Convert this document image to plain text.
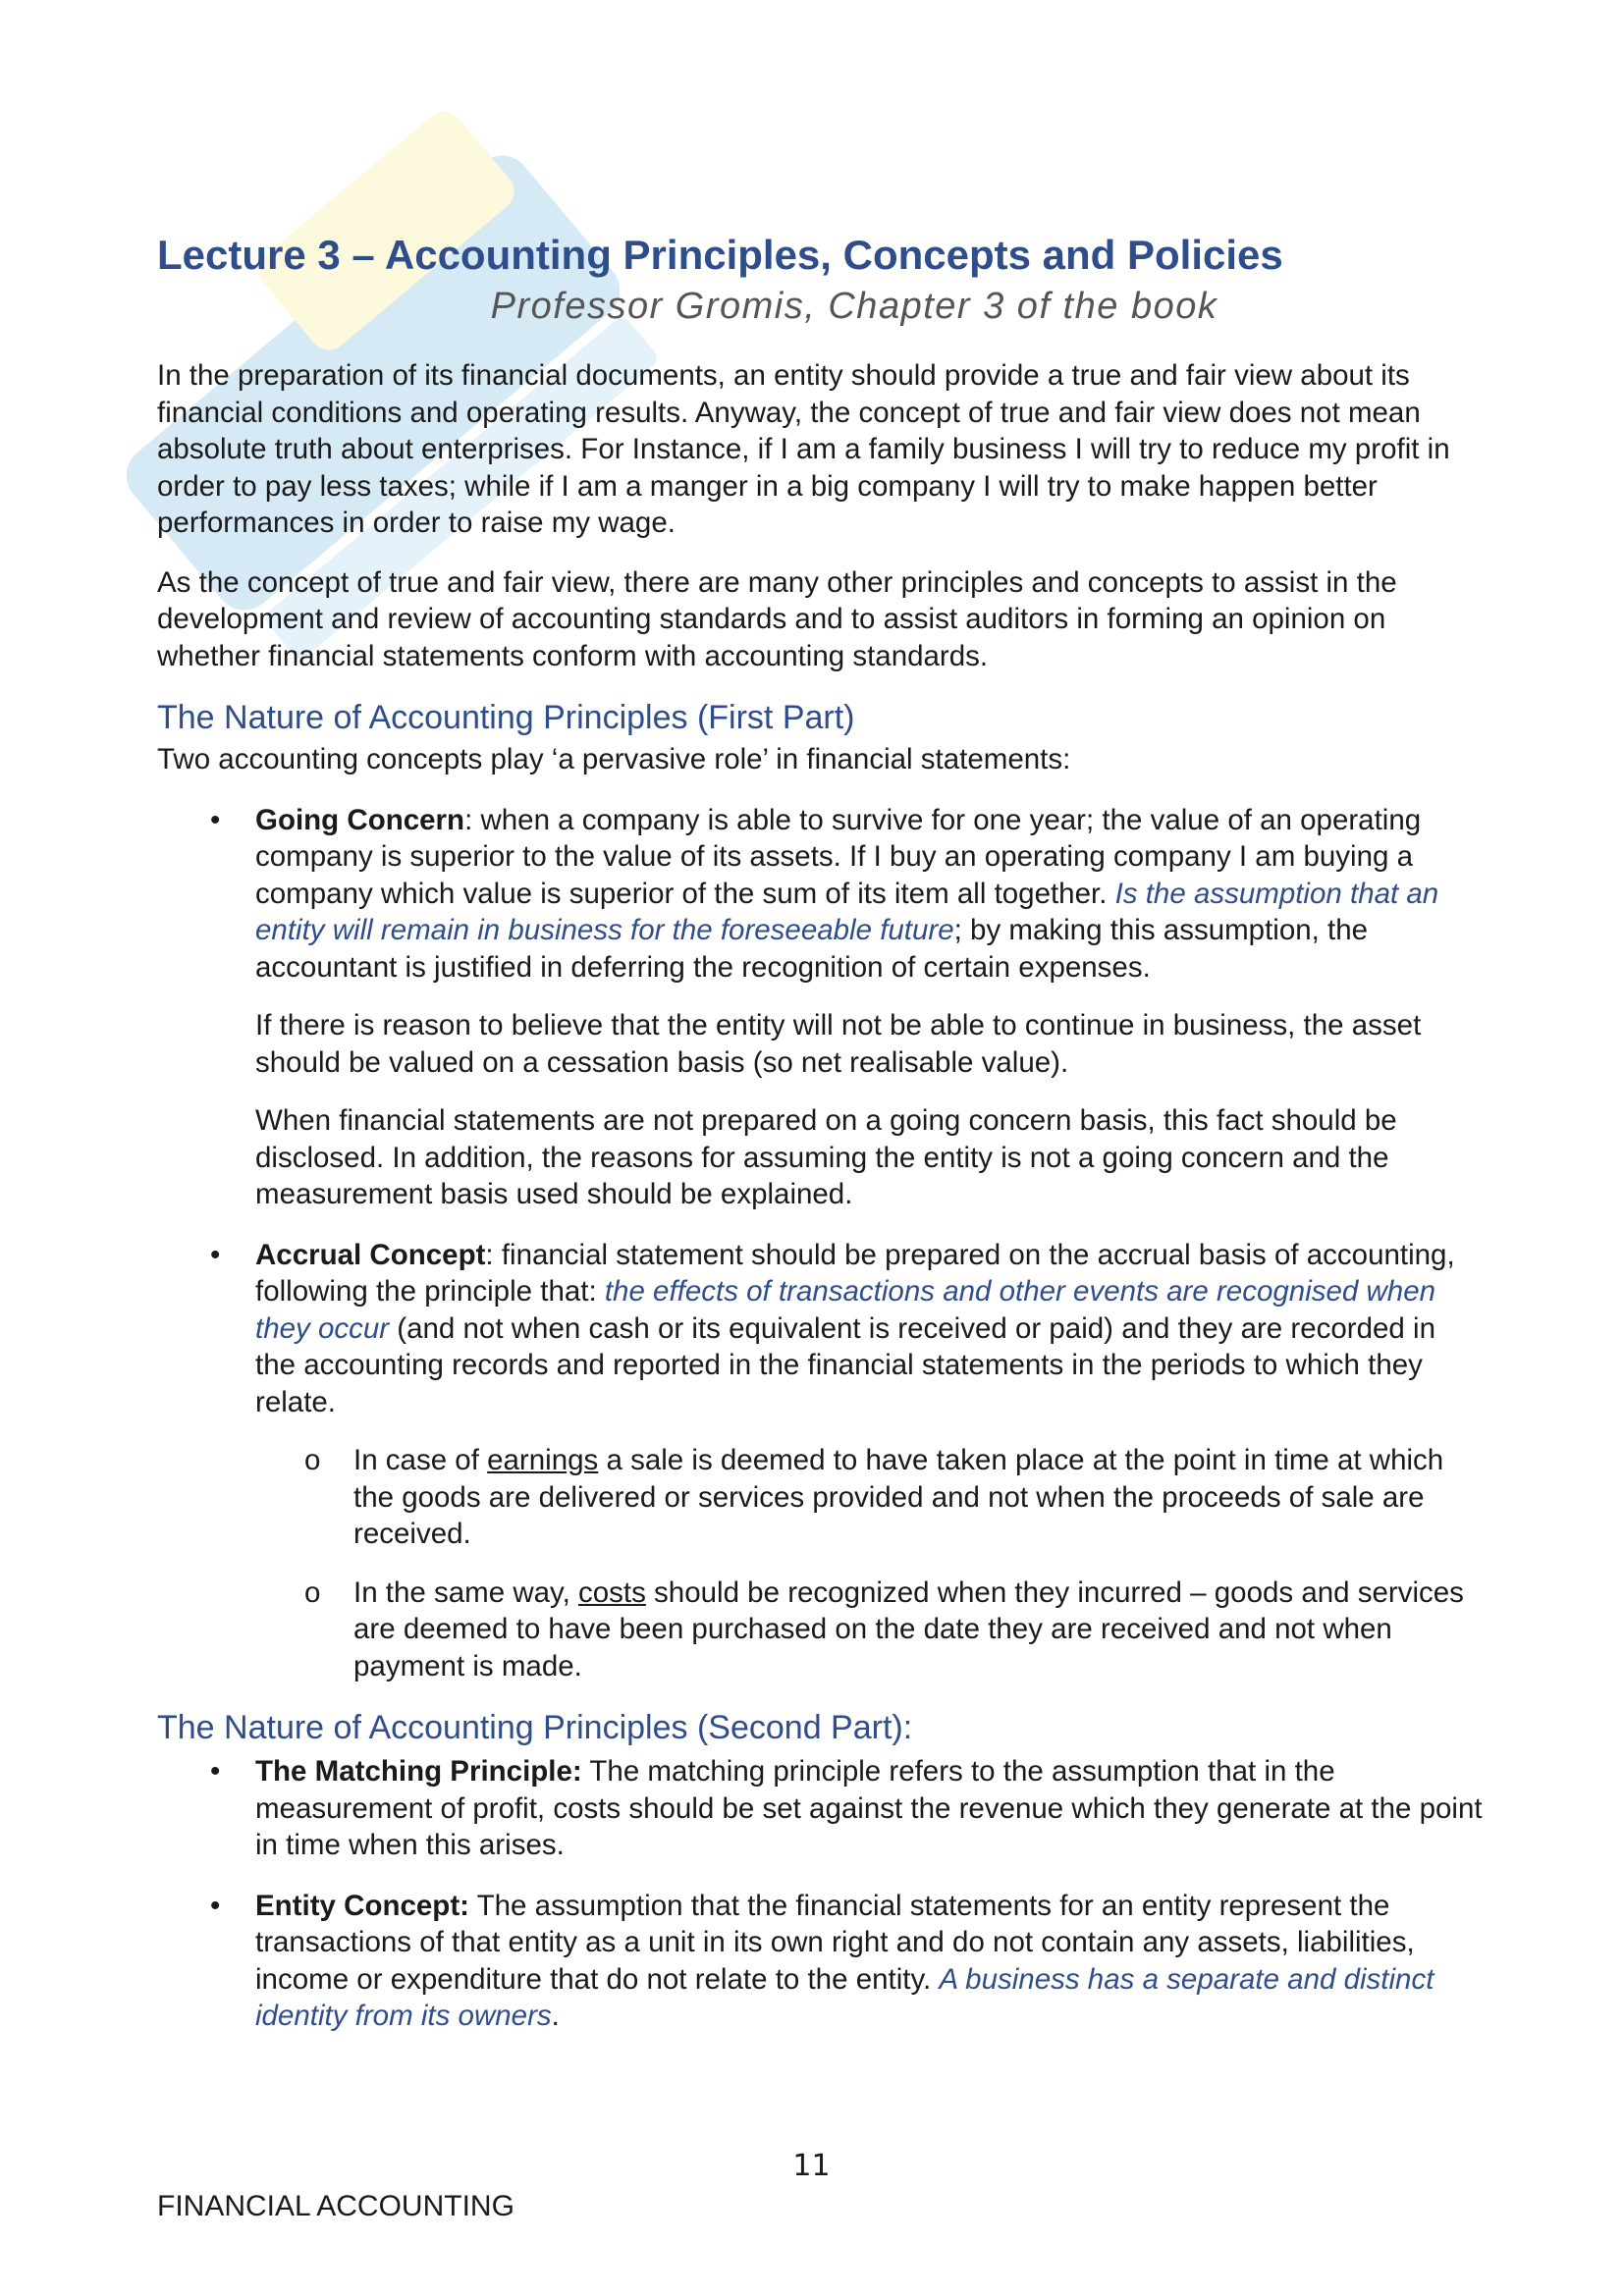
Lecture 3 – Accounting Principles, Concepts and Policies
Professor Gromis, Chapter 3 of the book

In the preparation of its financial documents, an entity should provide a true and fair view about its financial conditions and operating results. Anyway, the concept of true and fair view does not mean absolute truth about enterprises. For Instance, if I am a family business I will try to reduce my profit in order to pay less taxes; while if I am a manger in a big company I will try to make happen better performances in order to raise my wage.

As the concept of true and fair view, there are many other principles and concepts to assist in the development and review of accounting standards and to assist auditors in forming an opinion on whether financial statements conform with accounting standards.

The Nature of Accounting Principles (First Part)

Two accounting concepts play ‘a pervasive role’ in financial statements:

• Going Concern: when a company is able to survive for one year; the value of an operating company is superior to the value of its assets. If I buy an operating company I am buying a company which value is superior of the sum of its item all together. Is the assumption that an entity will remain in business for the foreseeable future; by making this assumption, the accountant is justified in deferring the recognition of certain expenses.

If there is reason to believe that the entity will not be able to continue in business, the asset should be valued on a cessation basis (so net realisable value).

When financial statements are not prepared on a going concern basis, this fact should be disclosed. In addition, the reasons for assuming the entity is not a going concern and the measurement basis used should be explained.

• Accrual Concept: financial statement should be prepared on the accrual basis of accounting, following the principle that: the effects of transactions and other events are recognised when they occur (and not when cash or its equivalent is received or paid) and they are recorded in the accounting records and reported in the financial statements in the periods to which they relate.

o In case of earnings a sale is deemed to have taken place at the point in time at which the goods are delivered or services provided and not when the proceeds of sale are received.

o In the same way, costs should be recognized when they incurred – goods and services are deemed to have been purchased on the date they are received and not when payment is made.

The Nature of Accounting Principles (Second Part):
• The Matching Principle: The matching principle refers to the assumption that in the measurement of profit, costs should be set against the revenue which they generate at the point in time when this arises.

• Entity Concept: The assumption that the financial statements for an entity represent the transactions of that entity as a unit in its own right and do not contain any assets, liabilities, income or expenditure that do not relate to the entity. A business has a separate and distinct identity from its owners.

11
FINANCIAL ACCOUNTING
